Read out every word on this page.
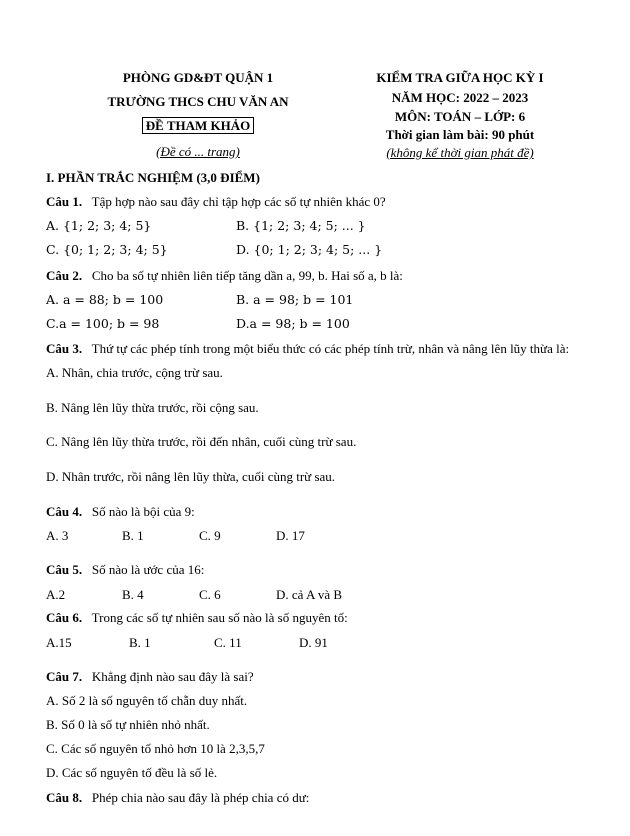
PHÒNG GD&ĐT QUẬN 1
TRƯỜNG THCS CHU VĂN AN
ĐỀ THAM KHẢO
(Đề có ... trang)
KIỂM TRA GIỮA HỌC KỲ I
NĂM HỌC: 2022 – 2023
MÔN: TOÁN – LỚP: 6
Thời gian làm bài: 90 phút
(không kể thời gian phát đề)
I. PHẦN TRẮC NGHIỆM (3,0 ĐIỂM)
Câu 1. Tập hợp nào sau đây chỉ tập hợp các số tự nhiên khác 0?
A. {1; 2; 3; 4; 5}	B. {1; 2; 3; 4; 5; ... }
C. {0; 1; 2; 3; 4; 5}	D. {0; 1; 2; 3; 4; 5; ... }
Câu 2. Cho ba số tự nhiên liên tiếp tăng dần a, 99, b. Hai số a, b là:
A. a = 88; b = 100	B. a = 98; b = 101
C.a = 100; b = 98	D.a = 98; b = 100
Câu 3. Thứ tự các phép tính trong một biểu thức có các phép tính trừ, nhân và nâng lên lũy thừa là:
A. Nhân, chia trước, cộng trừ sau.
B. Nâng lên lũy thừa trước, rồi cộng sau.
C. Nâng lên lũy thừa trước, rồi đến nhân, cuối cùng trừ sau.
D. Nhân trước, rồi nâng lên lũy thừa, cuối cùng trừ sau.
Câu 4. Số nào là bội của 9:
A. 3	B. 1	C. 9	D. 17
Câu 5. Số nào là ước của 16:
A.2	B. 4	C. 6	D. cả A và B
Câu 6. Trong các số tự nhiên sau số nào là số nguyên tố:
A.15	B. 1	C. 11	D. 91
Câu 7. Khẳng định nào sau đây là sai?
A. Số 2 là số nguyên tố chẵn duy nhất.
B. Số 0 là số tự nhiên nhỏ nhất.
C. Các số nguyên tố nhỏ hơn 10 là 2,3,5,7
D. Các số nguyên tố đều là số lẻ.
Câu 8. Phép chia nào sau đây là phép chia có dư:
